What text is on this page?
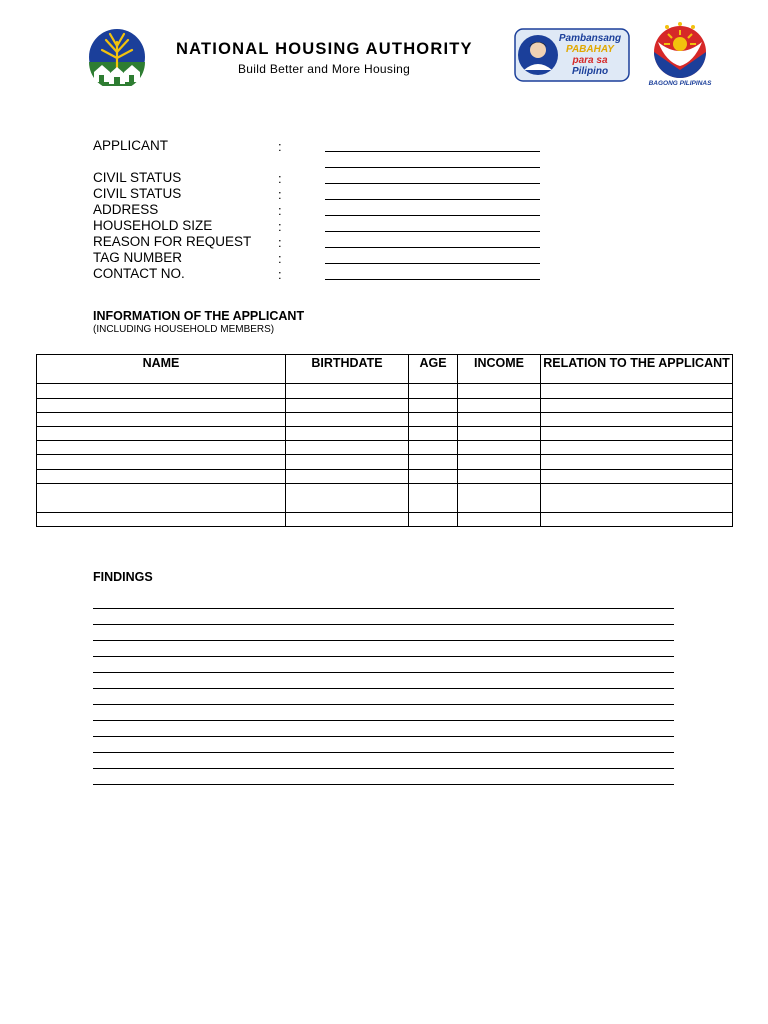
NATIONAL HOUSING AUTHORITY
Build Better and More Housing
Pambansang
PABAHAY
para sa
Pilipino
BAGONG PILIPINAS
APPLICANT	:
CIVIL STATUS	:
CIVIL STATUS	:
ADDRESS	:
HOUSEHOLD SIZE	:
REASON FOR REQUEST :
TAG NUMBER	:
CONTACT NO.	:
INFORMATION OF THE APPLICANT
(INCLUDING HOUSEHOLD MEMBERS)
NAME	BIRTHDATE	AGE	INCOME	RELATION TO THE APPLICANT

FINDINGS
